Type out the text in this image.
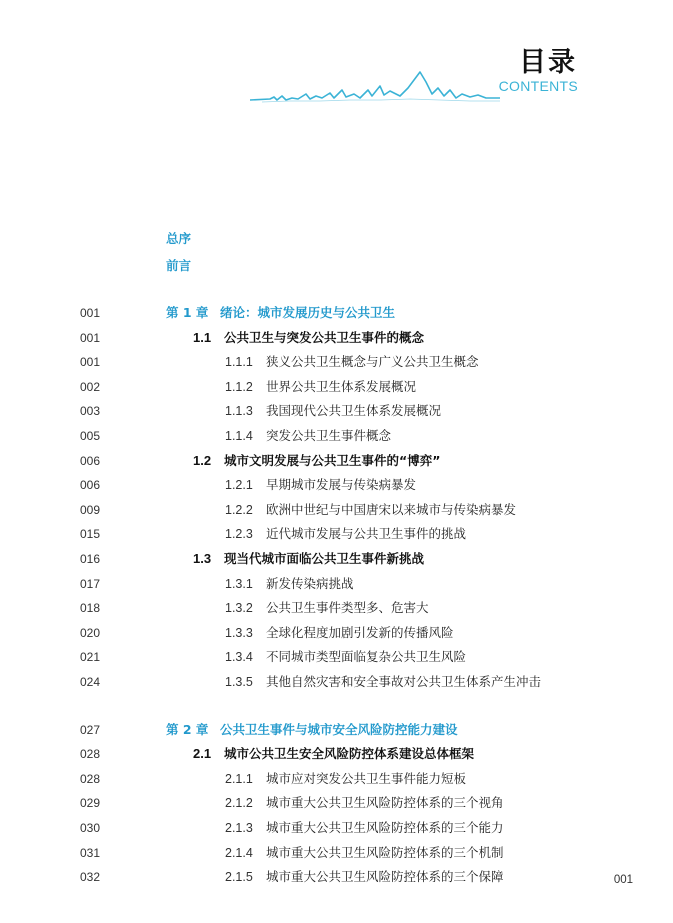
目录
CONTENTS
总序
前言
001	第 1 章 绪论：城市发展历史与公共卫生
001	1.1 公共卫生与突发公共卫生事件的概念
001	1.1.1 狭义公共卫生概念与广义公共卫生概念
002	1.1.2 世界公共卫生体系发展概况
003	1.1.3 我国现代公共卫生体系发展概况
005	1.1.4 突发公共卫生事件概念
006	1.2 城市文明发展与公共卫生事件的“博弈”
006	1.2.1 早期城市发展与传染病暴发
009	1.2.2 欧洲中世纪与中国唐宋以来城市与传染病暴发
015	1.2.3 近代城市发展与公共卫生事件的挑战
016	1.3 现当代城市面临公共卫生事件新挑战
017	1.3.1 新发传染病挑战
018	1.3.2 公共卫生事件类型多、危害大
020	1.3.3 全球化程度加剧引发新的传播风险
021	1.3.4 不同城市类型面临复杂公共卫生风险
024	1.3.5 其他自然灾害和安全事故对公共卫生体系产生冲击
027	第 2 章 公共卫生事件与城市安全风险防控能力建设
028	2.1 城市公共卫生安全风险防控体系建设总体框架
028	2.1.1 城市应对突发公共卫生事件能力短板
029	2.1.2 城市重大公共卫生风险防控体系的三个视角
030	2.1.3 城市重大公共卫生风险防控体系的三个能力
031	2.1.4 城市重大公共卫生风险防控体系的三个机制
032	2.1.5 城市重大公共卫生风险防控体系的三个保障	001
